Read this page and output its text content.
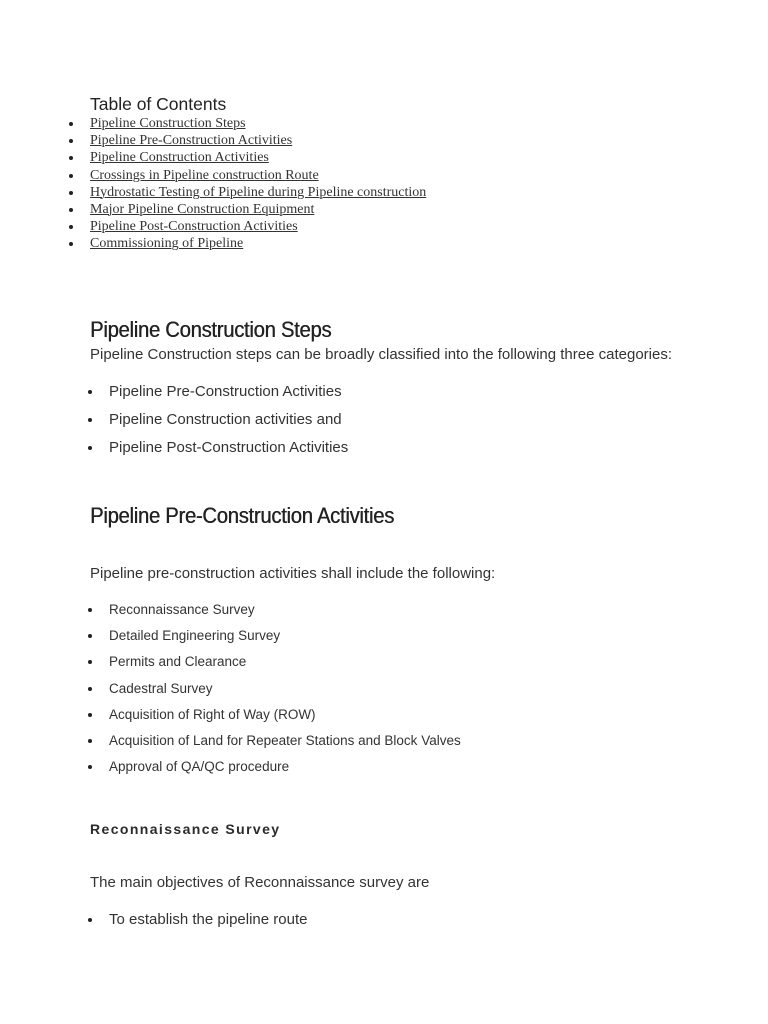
Table of Contents
Pipeline Construction Steps
Pipeline Pre-Construction Activities
Pipeline Construction Activities
Crossings in Pipeline construction Route
Hydrostatic Testing of Pipeline during Pipeline construction
Major Pipeline Construction Equipment
Pipeline Post-Construction Activities
Commissioning of Pipeline
Pipeline Construction Steps

Pipeline Construction steps can be broadly classified into the following three categories:

Pipeline Pre-Construction Activities
Pipeline Construction activities and
Pipeline Post-Construction Activities
Pipeline Pre-Construction Activities

Pipeline pre-construction activities shall include the following:

Reconnaissance Survey
Detailed Engineering Survey
Permits and Clearance
Cadestral Survey
Acquisition of Right of Way (ROW)
Acquisition of Land for Repeater Stations and Block Valves
Approval of QA/QC procedure
Reconnaissance Survey

The main objectives of Reconnaissance survey are

To establish the pipeline route
